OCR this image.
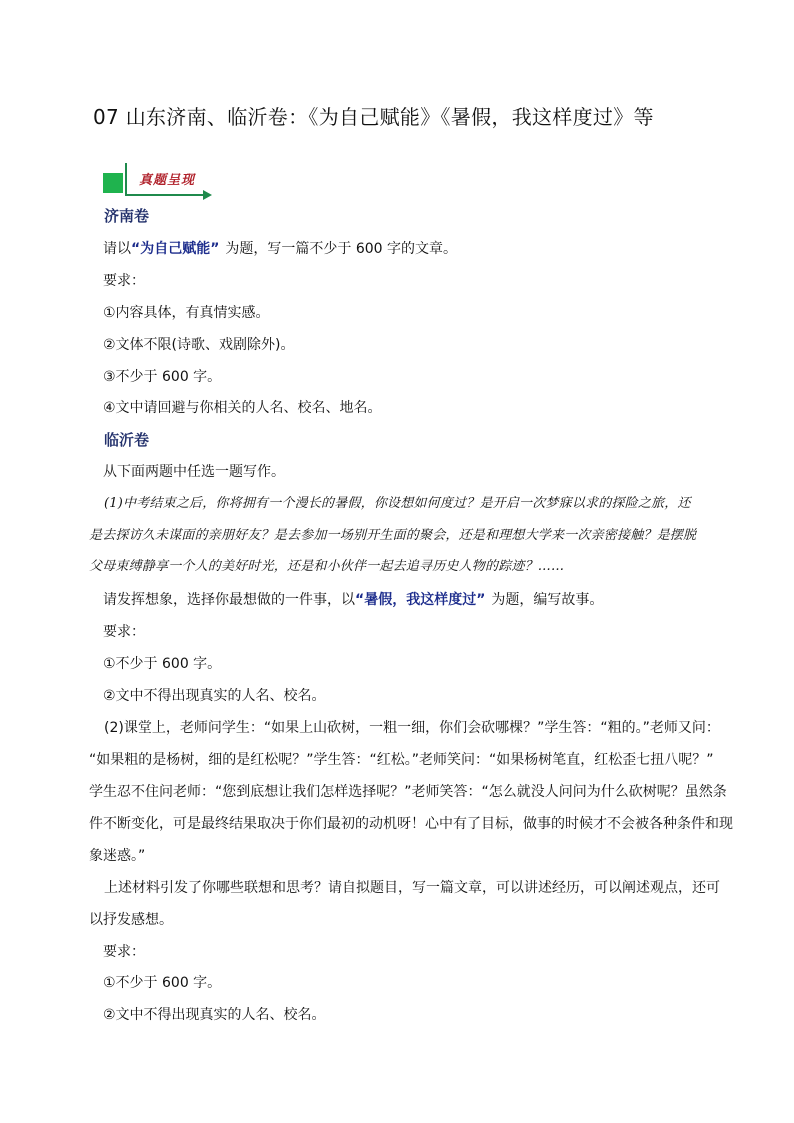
07 山东济南、临沂卷：《为自己赋能》《暑假，我这样度过》等
真题呈现
济南卷
请以“为自己赋能” 为题，写一篇不少于 600 字的文章。
要求：
①内容具体，有真情实感。
②文体不限(诗歌、戏剧除外)。
③不少于 600 字。
④文中请回避与你相关的人名、校名、地名。
临沂卷
从下面两题中任选一题写作。
(1)中考结束之后，你将拥有一个漫长的暑假，你设想如何度过？是开启一次梦寐以求的探险之旅，还
是去探访久未谋面的亲朋好友？是去参加一场别开生面的聚会，还是和理想大学来一次亲密接触？是摆脱
父母束缚静享一个人的美好时光，还是和小伙伴一起去追寻历史人物的踪迹？……
请发挥想象，选择你最想做的一件事，以“暑假，我这样度过” 为题，编写故事。
要求：
①不少于 600 字。
②文中不得出现真实的人名、校名。
(2)课堂上，老师问学生：“如果上山砍树，一粗一细，你们会砍哪棵？”学生答：“粗的。”老师又问：
“如果粗的是杨树，细的是红松呢？”学生答：“红松。”老师笑问：“如果杨树笔直，红松歪七扭八呢？”
学生忍不住问老师：“您到底想让我们怎样选择呢？”老师笑答：“怎么就没人问问为什么砍树呢？虽然条
件不断变化，可是最终结果取决于你们最初的动机呀！心中有了目标，做事的时候才不会被各种条件和现
象迷惑。”
上述材料引发了你哪些联想和思考？请自拟题目，写一篇文章，可以讲述经历，可以阐述观点，还可
以抒发感想。
要求：
①不少于 600 字。
②文中不得出现真实的人名、校名。
